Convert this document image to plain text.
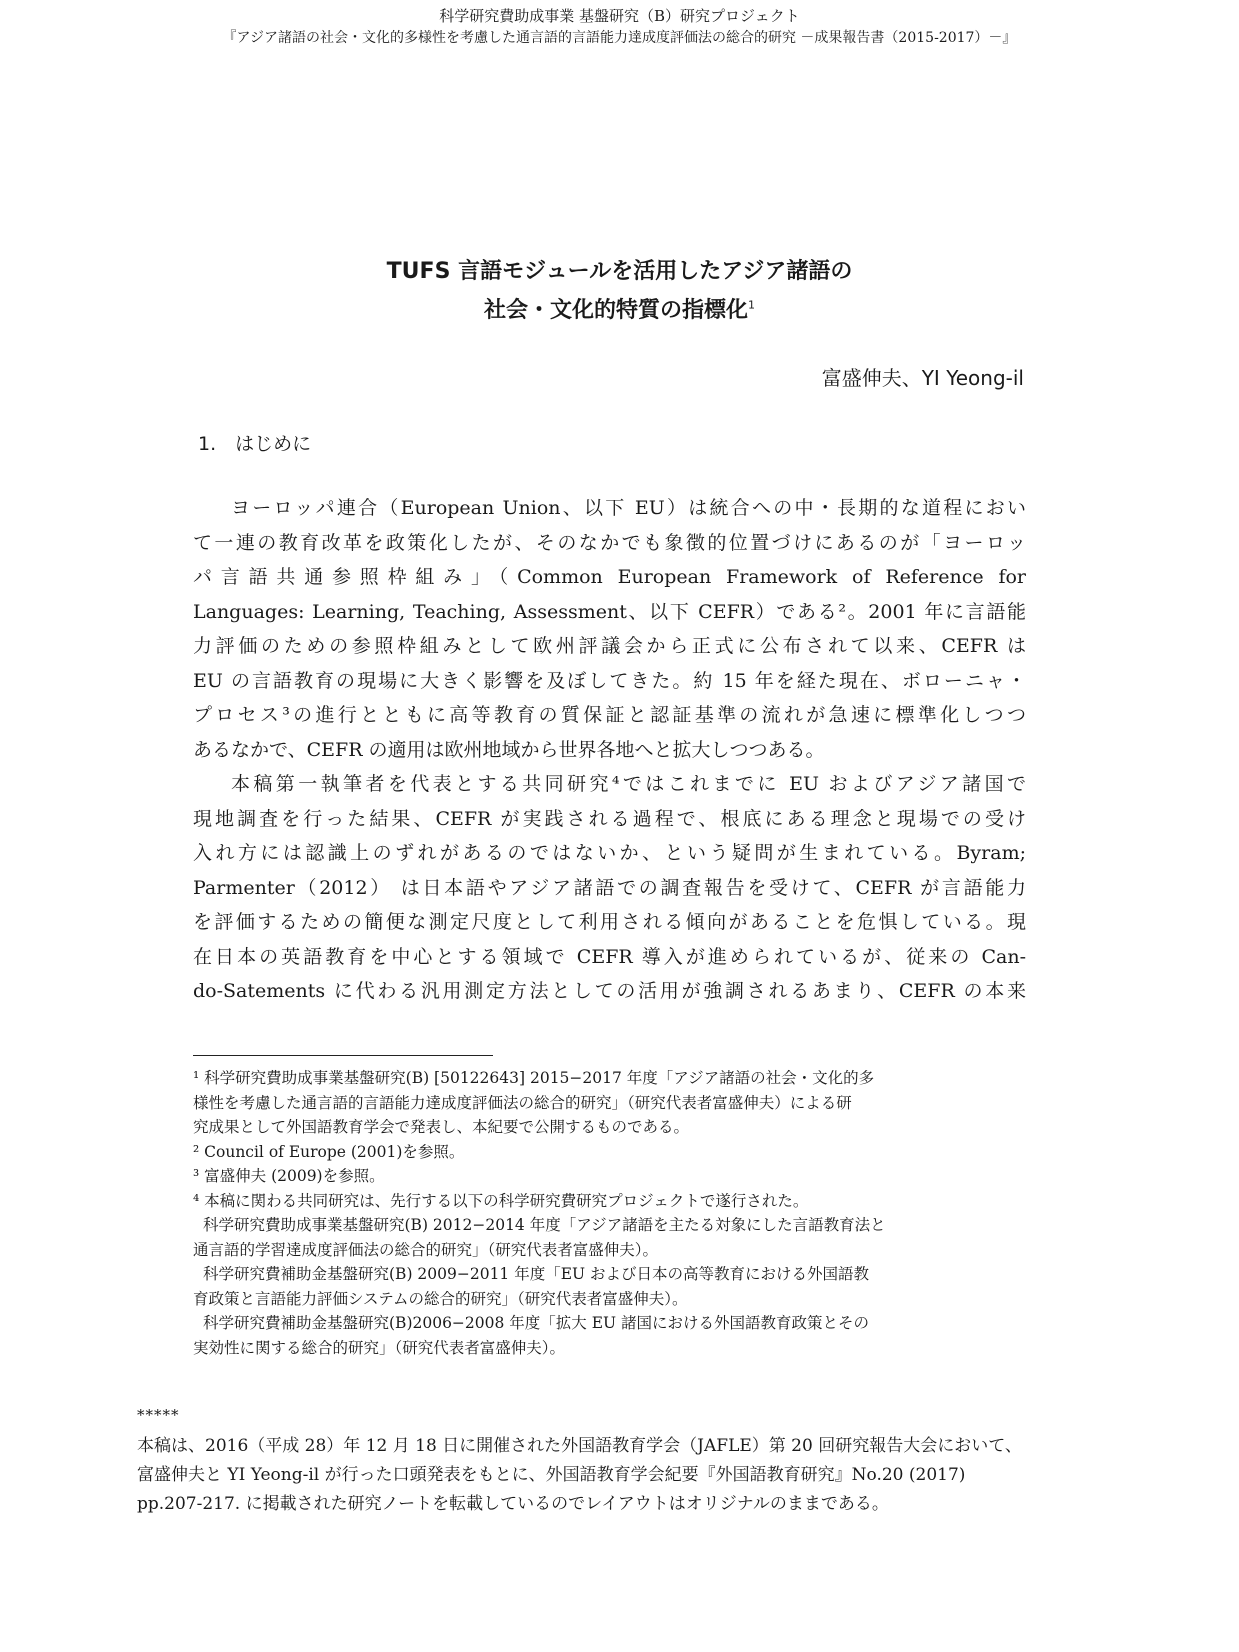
科学研究費助成事業 基盤研究（B）研究プロジェクト
『アジア諸語の社会・文化的多様性を考慮した通言語的言語能力達成度評価法の総合的研究 －成果報告書（2015-2017）－』
TUFS 言語モジュールを活用したアジア諸語の
社会・文化的特質の指標化$^1$
富盛伸夫、YI Yeong-il
1.　はじめに
ヨーロッパ連合（European Union、以下 EU）は統合への中・長期的な道程におい
て一連の教育改革を政策化したが、そのなかでも象徴的位置づけにあるのが「ヨーロッ
パ言語共通参照枠組み」（Common European Framework of Reference for
Languages: Learning, Teaching, Assessment、以下 CEFR）である²。2001 年に言語能
力評価のための参照枠組みとして欧州評議会から正式に公布されて以来、CEFR は
EU の言語教育の現場に大きく影響を及ぼしてきた。約 15 年を経た現在、ボローニャ・
プロセス³の進行とともに高等教育の質保証と認証基準の流れが急速に標準化しつつ
あるなかで、CEFR の適用は欧州地域から世界各地へと拡大しつつある。
本稿第一執筆者を代表とする共同研究⁴ではこれまでに EU およびアジア諸国で
現地調査を行った結果、CEFR が実践される過程で、根底にある理念と現場での受け
入れ方には認識上のずれがあるのではないか、という疑問が生まれている。Byram;
Parmenter（2012） は日本語やアジア諸語での調査報告を受けて、CEFR が言語能力
を評価するための簡便な測定尺度として利用される傾向があることを危惧している。現
在日本の英語教育を中心とする領域で CEFR 導入が進められているが、従来の Can-
do-Satements に代わる汎用測定方法としての活用が強調されるあまり、CEFR の本来
¹ 科学研究費助成事業基盤研究(B) [50122643] 2015−2017 年度「アジア諸語の社会・文化的多
様性を考慮した通言語的言語能力達成度評価法の総合的研究」（研究代表者富盛伸夫）による研
究成果として外国語教育学会で発表し、本紀要で公開するものである。
² Council of Europe (2001)を参照。
³ 富盛伸夫 (2009)を参照。
⁴ 本稿に関わる共同研究は、先行する以下の科学研究費研究プロジェクトで遂行された。
科学研究費助成事業基盤研究(B) 2012−2014 年度「アジア諸語を主たる対象にした言語教育法と
通言語的学習達成度評価法の総合的研究」（研究代表者富盛伸夫）。
科学研究費補助金基盤研究(B) 2009−2011 年度「EU および日本の高等教育における外国語教
育政策と言語能力評価システムの総合的研究」（研究代表者富盛伸夫）。
科学研究費補助金基盤研究(B)2006−2008 年度「拡大 EU 諸国における外国語教育政策とその
実効性に関する総合的研究」（研究代表者富盛伸夫）。
*****
本稿は、2016（平成 28）年 12 月 18 日に開催された外国語教育学会（JAFLE）第 20 回研究報告大会において、
富盛伸夫と YI Yeong-il が行った口頭発表をもとに、外国語教育学会紀要『外国語教育研究』No.20 (2017)
pp.207-217. に掲載された研究ノートを転載しているのでレイアウトはオリジナルのままである。
